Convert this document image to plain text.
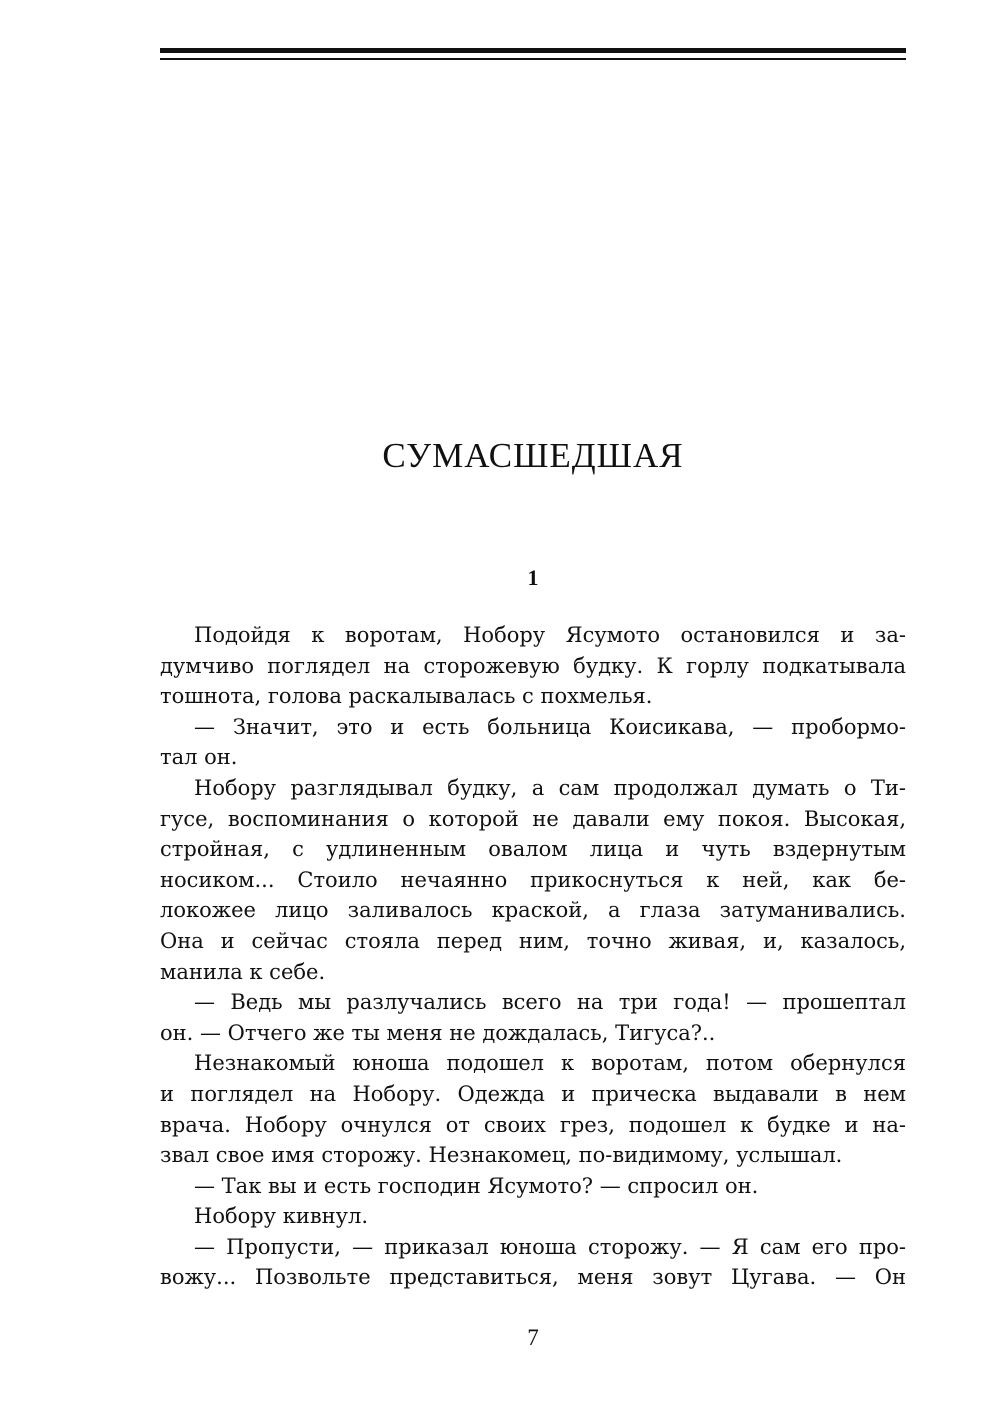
СУМАСШЕДШАЯ
1
Подойдя к воротам, Нобору Ясумото остановился и за-
думчиво поглядел на сторожевую будку. К горлу подкатывала
тошнота, голова раскалывалась с похмелья.
— Значит, это и есть больница Коисикава, — пробормо-
тал он.
Нобору разглядывал будку, а сам продолжал думать о Ти-
гусе, воспоминания о которой не давали ему покоя. Высокая,
стройная, с удлиненным овалом лица и чуть вздернутым
носиком... Стоило нечаянно прикоснуться к ней, как бе-
локожее лицо заливалось краской, а глаза затуманивались.
Она и сейчас стояла перед ним, точно живая, и, казалось,
манила к себе.
— Ведь мы разлучались всего на три года! — прошептал
он. — Отчего же ты меня не дождалась, Тигуса?..
Незнакомый юноша подошел к воротам, потом обернулся
и поглядел на Нобору. Одежда и прическа выдавали в нем
врача. Нобору очнулся от своих грез, подошел к будке и на-
звал свое имя сторожу. Незнакомец, по-видимому, услышал.
— Так вы и есть господин Ясумото? — спросил он.
Нобору кивнул.
— Пропусти, — приказал юноша сторожу. — Я сам его про-
вожу... Позвольте представиться, меня зовут Цугава. — Он
7
